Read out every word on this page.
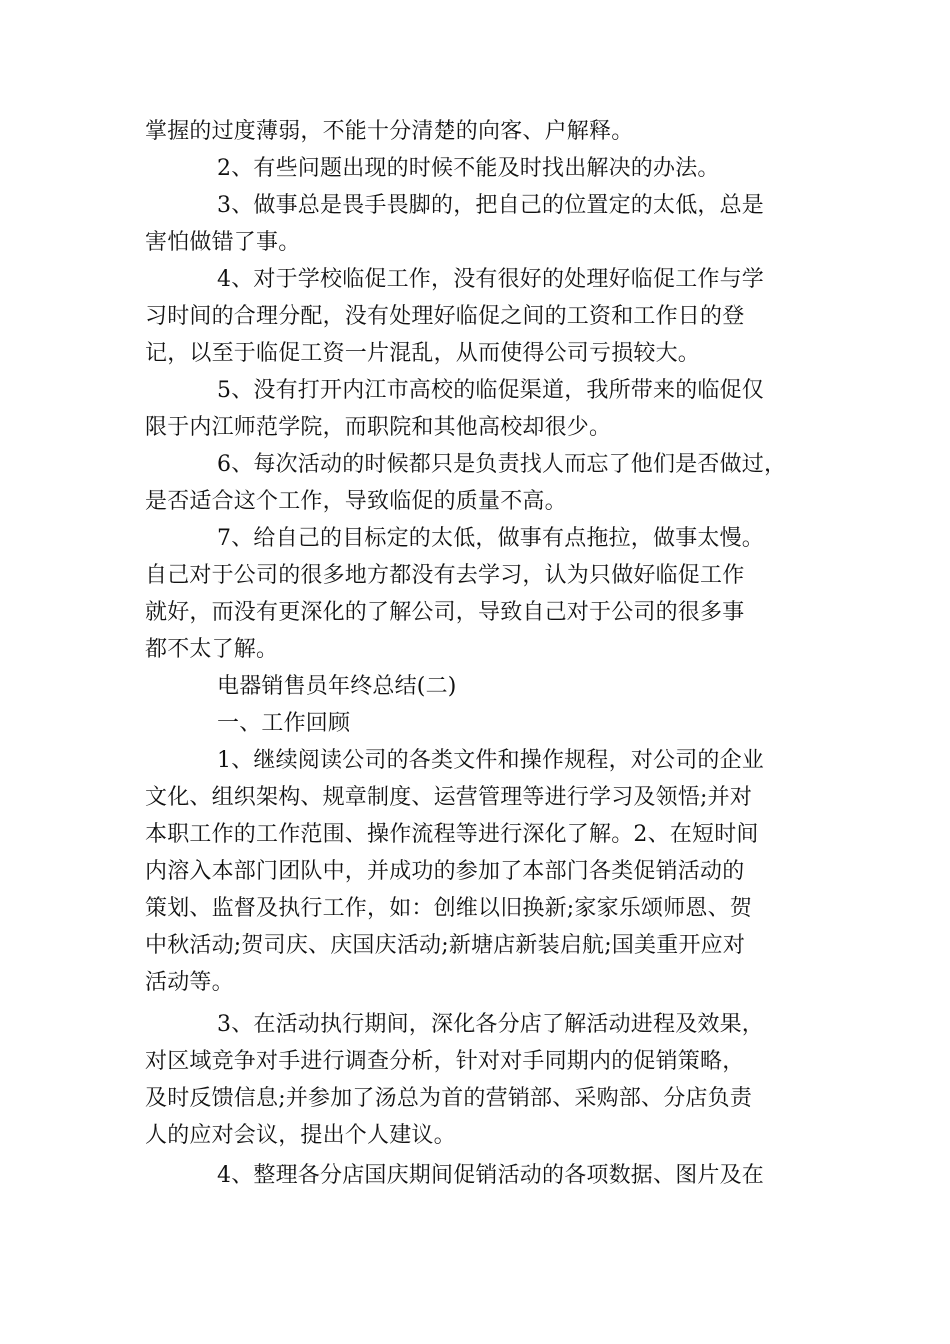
掌握的过度薄弱，不能十分清楚的向客、户解释。
2、有些问题出现的时候不能及时找出解决的办法。
3、做事总是畏手畏脚的，把自己的位置定的太低，总是
害怕做错了事。
4、对于学校临促工作，没有很好的处理好临促工作与学
习时间的合理分配，没有处理好临促之间的工资和工作日的登
记，以至于临促工资一片混乱，从而使得公司亏损较大。
5、没有打开内江市高校的临促渠道，我所带来的临促仅
限于内江师范学院，而职院和其他高校却很少。
6、每次活动的时候都只是负责找人而忘了他们是否做过，
是否适合这个工作，导致临促的质量不高。
7、给自己的目标定的太低，做事有点拖拉，做事太慢。
自己对于公司的很多地方都没有去学习，认为只做好临促工作
就好，而没有更深化的了解公司，导致自己对于公司的很多事
都不太了解。
电器销售员年终总结(二)
一、工作回顾
1、继续阅读公司的各类文件和操作规程，对公司的企业
文化、组织架构、规章制度、运营管理等进行学习及领悟;并对
本职工作的工作范围、操作流程等进行深化了解。2、在短时间
内溶入本部门团队中，并成功的参加了本部门各类促销活动的
策划、监督及执行工作，如：创维以旧换新;家家乐颂师恩、贺
中秋活动;贺司庆、庆国庆活动;新塘店新装启航;国美重开应对
活动等。
3、在活动执行期间，深化各分店了解活动进程及效果，
对区域竞争对手进行调查分析，针对对手同期内的促销策略，
及时反馈信息;并参加了汤总为首的营销部、采购部、分店负责
人的应对会议，提出个人建议。
4、整理各分店国庆期间促销活动的各项数据、图片及在
